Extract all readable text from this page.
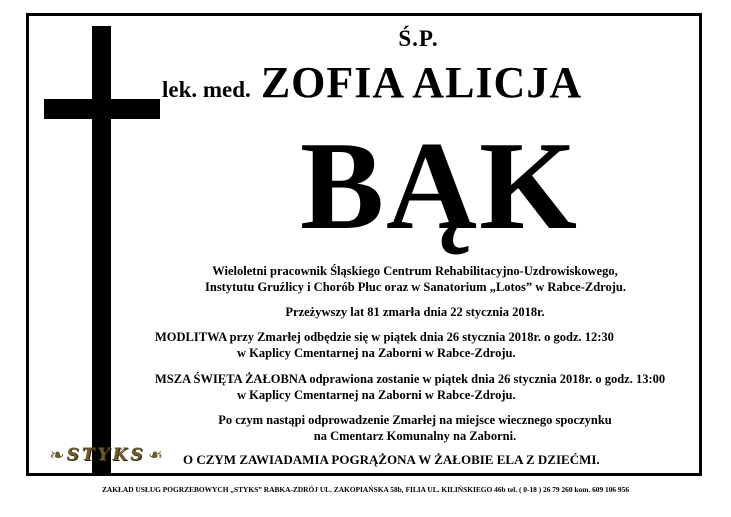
Ś.P.
lek. med. ZOFIA ALICJA
BĄK
Wieloletni pracownik Śląskiego Centrum Rehabilitacyjno-Uzdrowiskowego,
Instytutu Gruźlicy i Chorób Płuc oraz w Sanatorium „Lotos” w Rabce-Zdroju.
Przeżywszy lat 81 zmarła dnia 22 stycznia 2018r.
MODLITWA przy Zmarłej odbędzie się w piątek dnia 26 stycznia 2018r. o godz. 12:30
w Kaplicy Cmentarnej na Zaborni w Rabce-Zdroju.
MSZA ŚWIĘTA ŻAŁOBNA odprawiona zostanie w piątek dnia 26 stycznia 2018r. o godz. 13:00
w Kaplicy Cmentarnej na Zaborni w Rabce-Zdroju.
Po czym nastąpi odprowadzenie Zmarłej na miejsce wiecznego spoczynku
na Cmentarz Komunalny na Zaborni.
O CZYM ZAWIADAMIA POGRĄŻONA W ŻAŁOBIE ELA Z DZIEĆMI.
❧ STYKS ❧
ZAKŁAD USŁUG POGRZEBOWYCH „STYKS” RABKA-ZDRÓJ UL. ZAKOPIAŃSKA 58b, FILIA UL. KILIŃSKIEGO 46b tel. ( 0-18 ) 26 79 260 kom. 609 106 956
